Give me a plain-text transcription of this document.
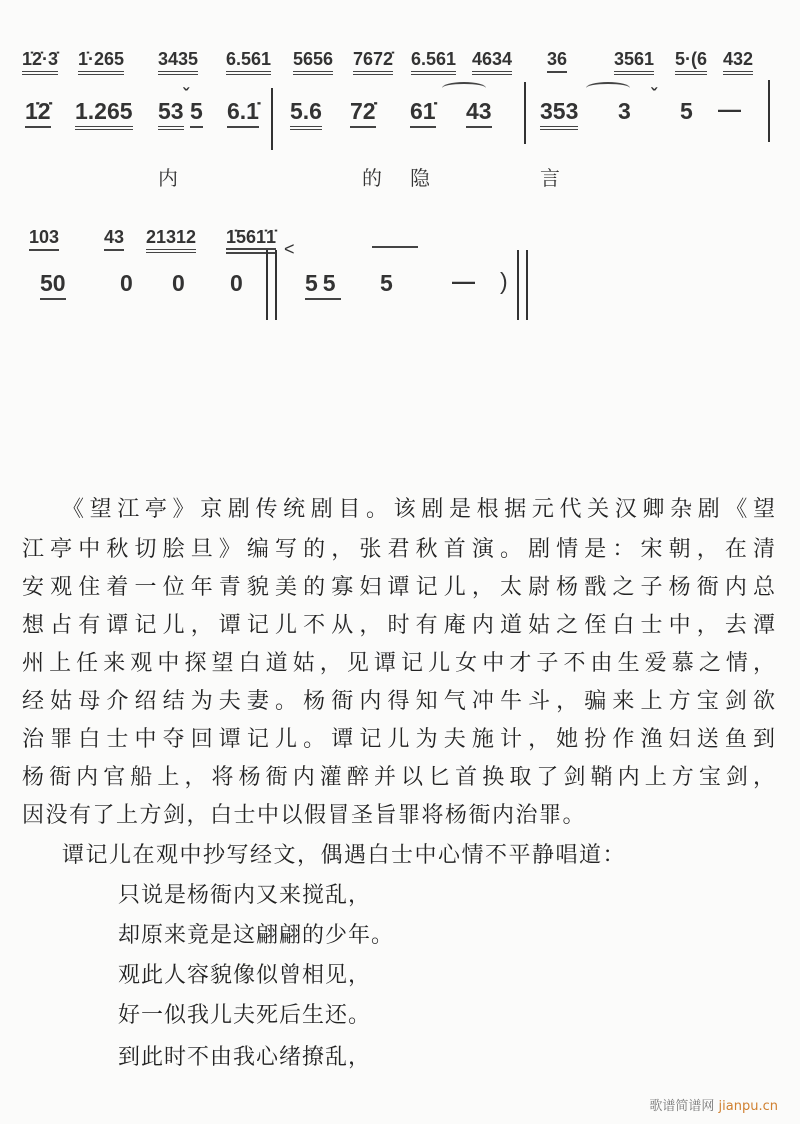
1̇2̇·3̇ 1̇·265 3435 6.561 5656 7672̇ 6.561 4634 36	3561 5·(6 432
1̇2̇ 1.265 53
ˇ
5 6.1̇ 5.6 72̇ 61̇ 43 353 3
ˇ
5 —
内	的 隐	言
103 43 21312 1̇561̇1̇
<
50 0 0 0	55 5	— )
《望江亭》京剧传统剧目。该剧是根据元代关汉卿杂剧《望
江亭中秋切脍旦》编写的，张君秋首演。剧情是：宋朝，在清
安观住着一位年青貌美的寡妇谭记儿，太尉杨戬之子杨衙内总
想占有谭记儿，谭记儿不从，时有庵内道姑之侄白士中，去潭
州上任来观中探望白道姑，见谭记儿女中才子不由生爱慕之情，
经姑母介绍结为夫妻。杨衙内得知气冲牛斗，骗来上方宝剑欲
治罪白士中夺回谭记儿。谭记儿为夫施计，她扮作渔妇送鱼到
杨衙内官船上，将杨衙内灌醉并以匕首换取了剑鞘内上方宝剑，
因没有了上方剑，白士中以假冒圣旨罪将杨衙内治罪。
谭记儿在观中抄写经文，偶遇白士中心情不平静唱道：
只说是杨衙内又来搅乱，
却原来竟是这翩翩的少年。
观此人容貌像似曾相见，
好一似我儿夫死后生还。
到此时不由我心绪撩乱，
歌谱简谱网 jianpu.cn
